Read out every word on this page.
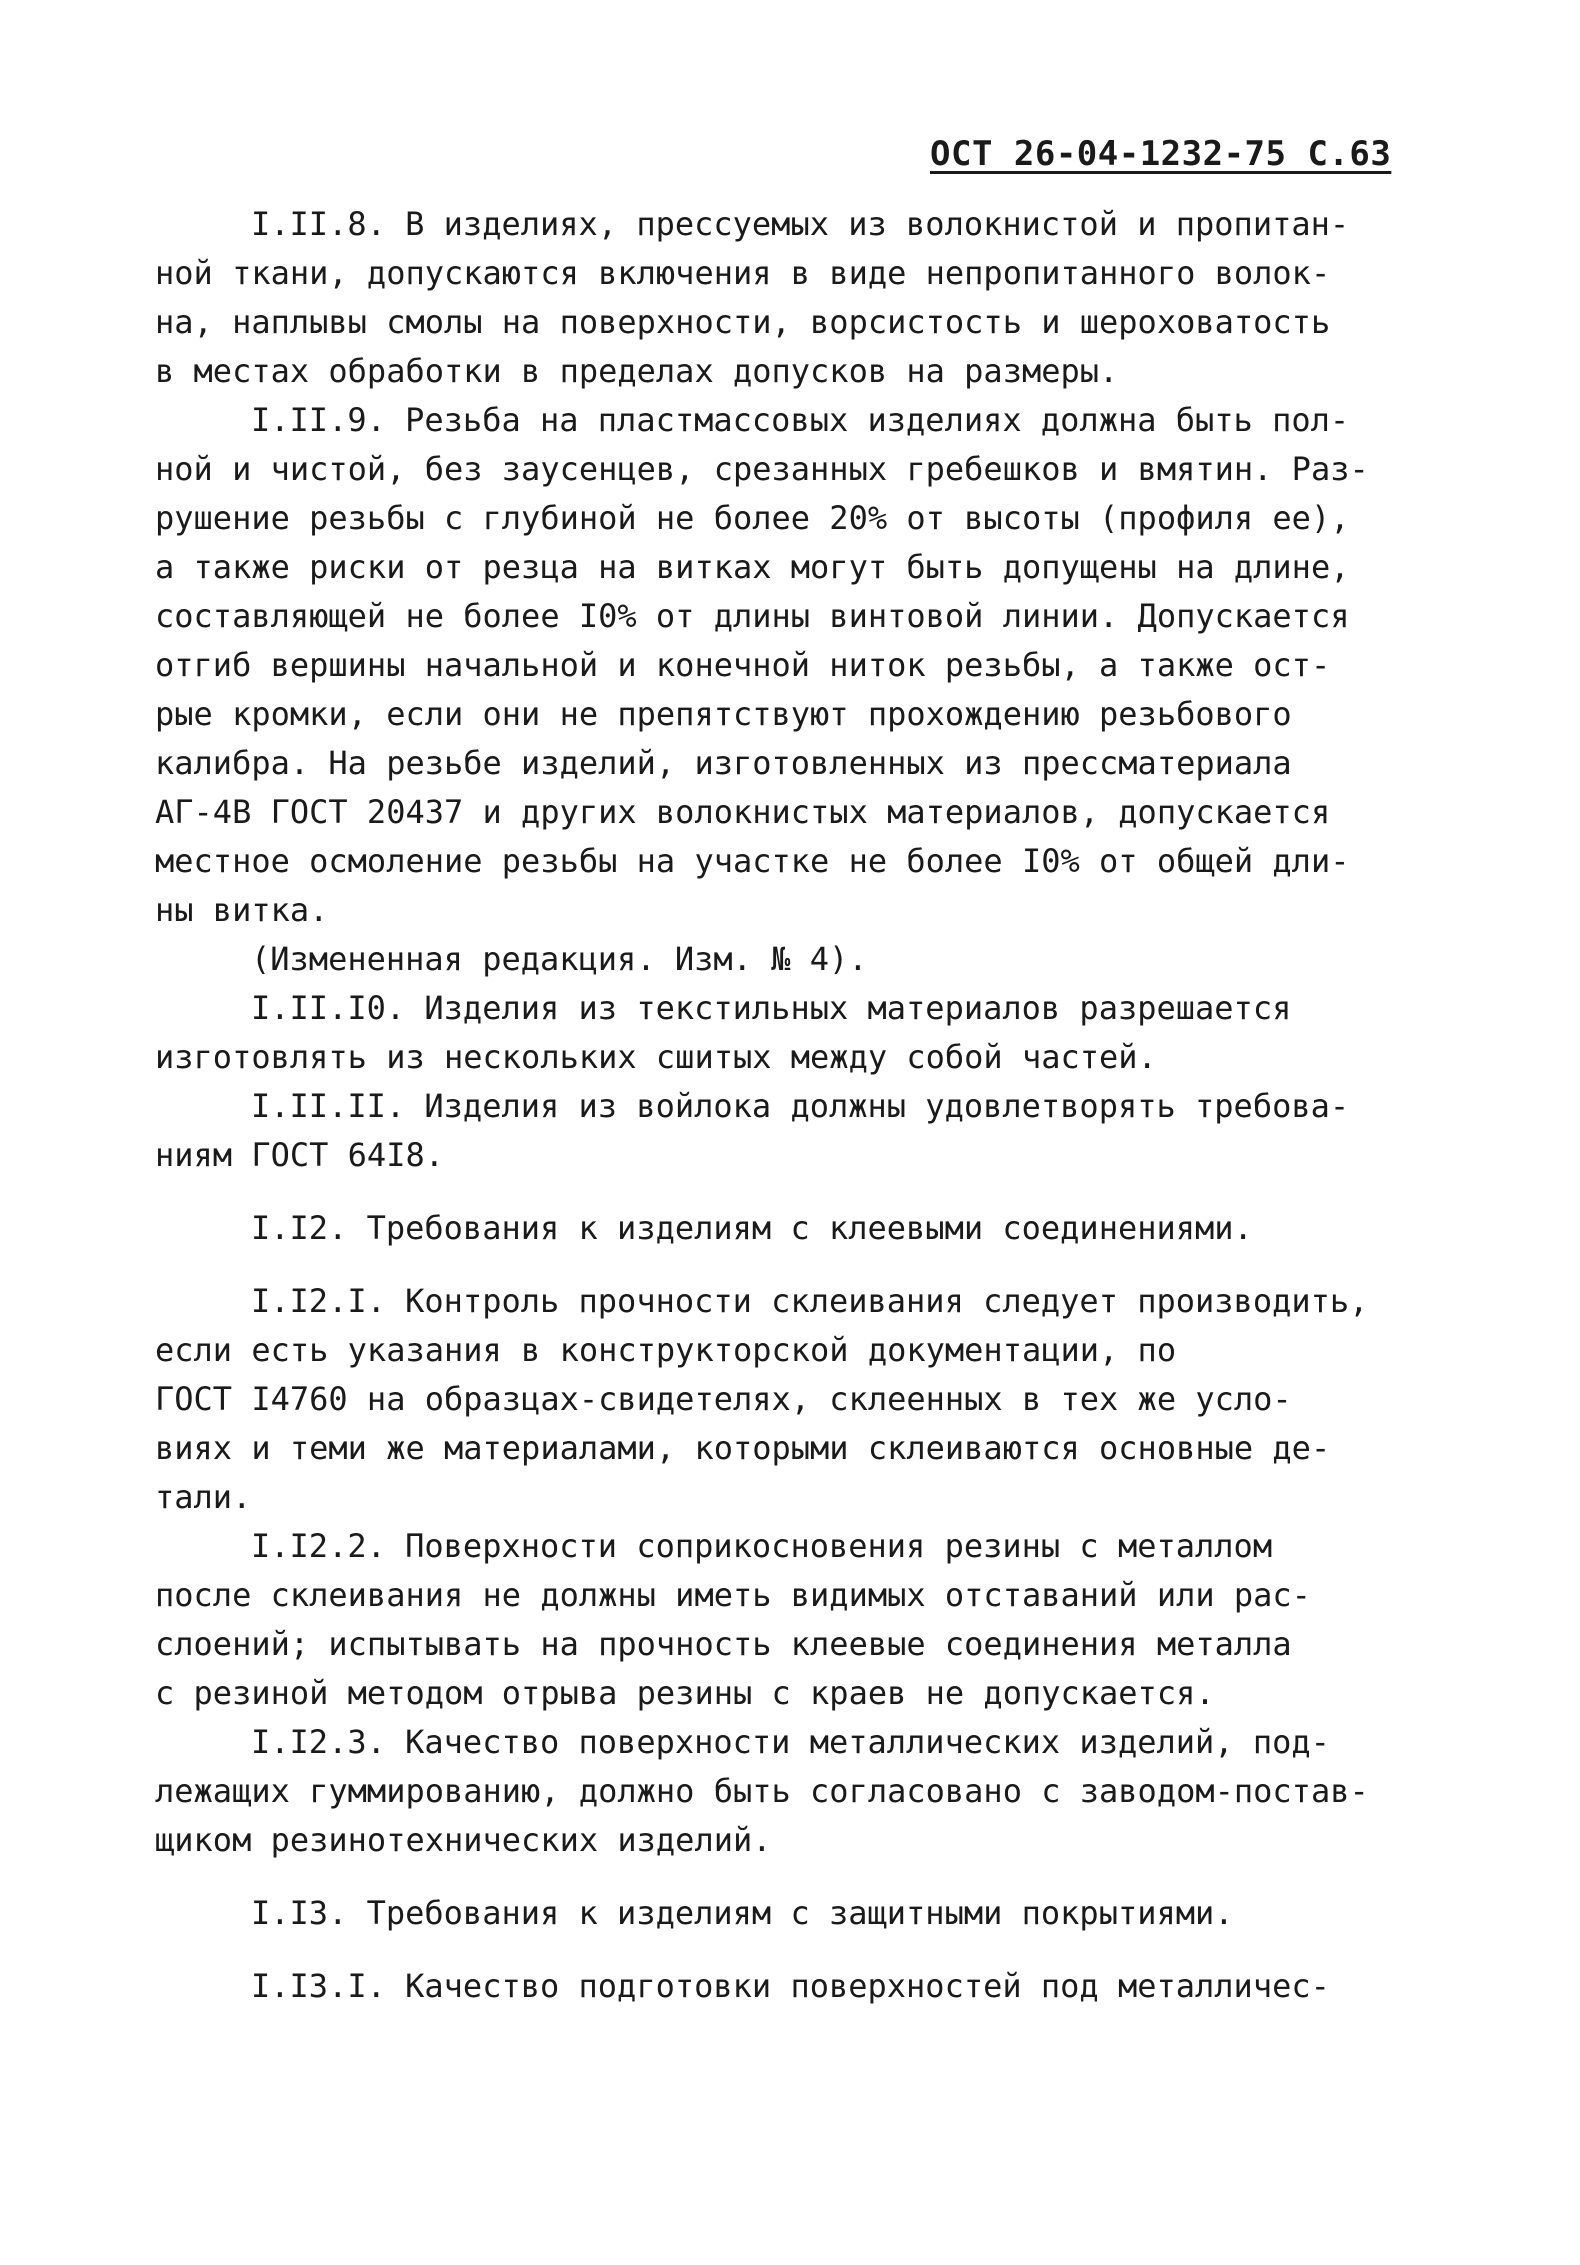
ОСТ 26-04-1232-75 С.63
I.II.8. В изделиях, прессуемых из волокнистой и пропитан-
ной ткани, допускаются включения в виде непропитанного волок-
на, наплывы смолы на поверхности, ворсистость и шероховатость
в местах обработки в пределах допусков на размеры.
I.II.9. Резьба на пластмассовых изделиях должна быть пол-
ной и чистой, без заусенцев, срезанных гребешков и вмятин. Раз-
рушение резьбы с глубиной не более 20% от высоты (профиля ее),
а также риски от резца на витках могут быть допущены на длине,
составляющей не более I0% от длины винтовой линии. Допускается
отгиб вершины начальной и конечной ниток резьбы, а также ост-
рые кромки, если они не препятствуют прохождению резьбового
калибра. На резьбе изделий, изготовленных из прессматериала
АГ-4В ГОСТ 20437 и других волокнистых материалов, допускается
местное осмоление резьбы на участке не более I0% от общей дли-
ны витка.
(Измененная редакция. Изм. № 4).
I.II.I0. Изделия из текстильных материалов разрешается
изготовлять из нескольких сшитых между собой частей.
I.II.II. Изделия из войлока должны удовлетворять требова-
ниям ГОСТ 64I8.
I.I2. Требования к изделиям с клеевыми соединениями.
I.I2.I. Контроль прочности склеивания следует производить,
если есть указания в конструкторской документации, по
ГОСТ I4760 на образцах-свидетелях, склеенных в тех же усло-
виях и теми же материалами, которыми склеиваются основные де-
тали.
I.I2.2. Поверхности соприкосновения резины с металлом
после склеивания не должны иметь видимых отставаний или рас-
слоений; испытывать на прочность клеевые соединения металла
с резиной методом отрыва резины с краев не допускается.
I.I2.3. Качество поверхности металлических изделий, под-
лежащих гуммированию, должно быть согласовано с заводом-постав-
щиком резинотехнических изделий.
I.I3. Требования к изделиям с защитными покрытиями.
I.I3.I. Качество подготовки поверхностей под металличес-
